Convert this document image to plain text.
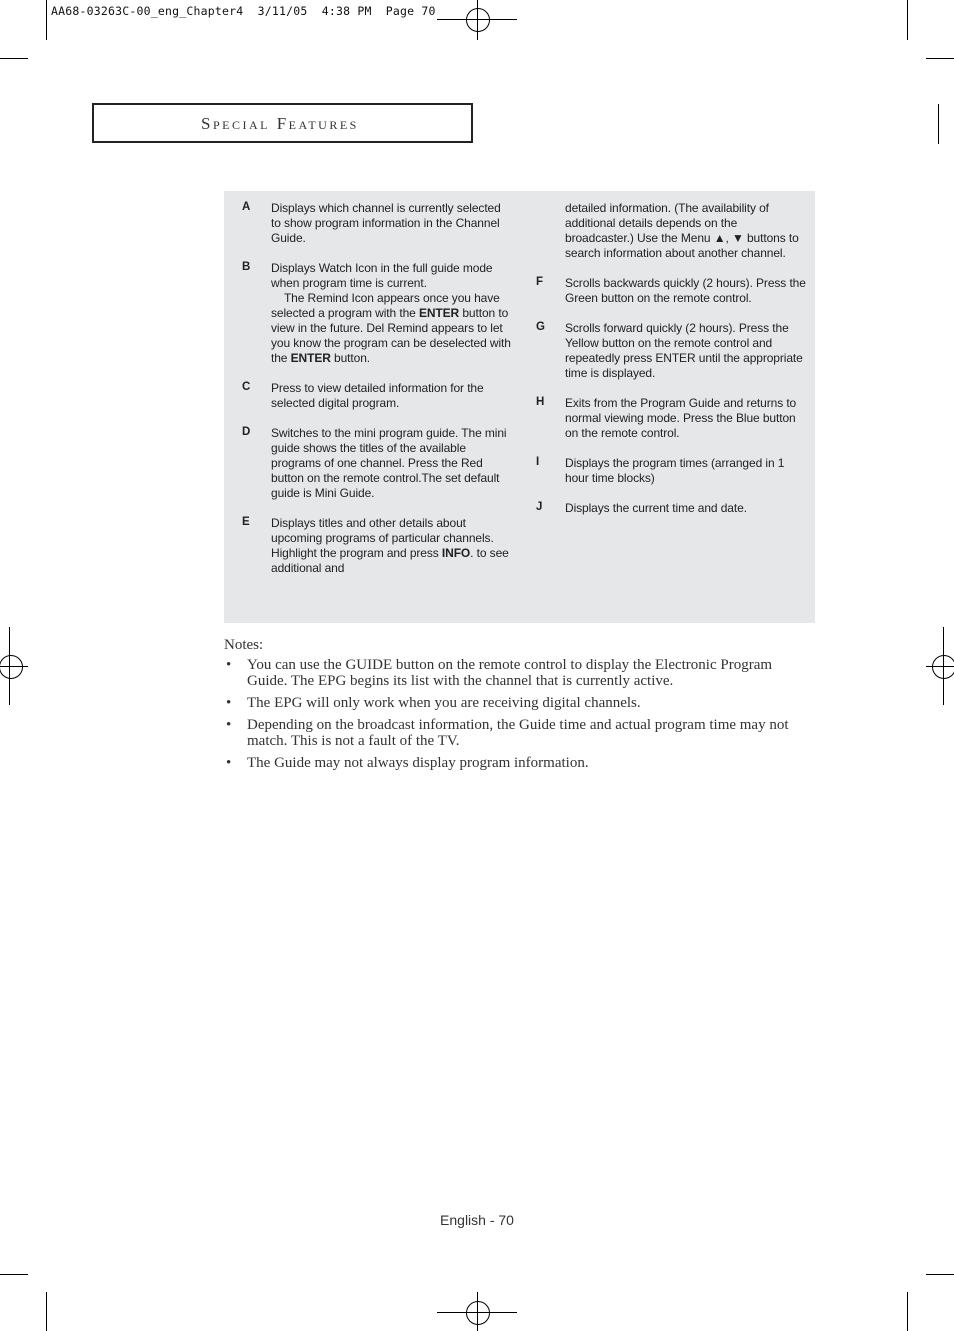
AA68-03263C-00_eng_Chapter4  3/11/05  4:38 PM  Page 70
Special Features
A Displays which channel is currently selected to show program information in the Channel Guide.
B Displays Watch Icon in the full guide mode when program time is current.
The Remind Icon appears once you have selected a program with the ENTER button to view in the future. Del Remind appears to let you know the program can be deselected with the ENTER button.
C Press to view detailed information for the selected digital program.
D Switches to the mini program guide. The mini guide shows the titles of the available programs of one channel. Press the Red button on the remote control.The set default guide is Mini Guide.
E Displays titles and other details about upcoming programs of particular channels. Highlight the program and press INFO. to see additional and
detailed information. (The availability of additional details depends on the broadcaster.) Use the Menu ▲, ▼ buttons to search information about another channel.
F Scrolls backwards quickly (2 hours). Press the Green button on the remote control.
G Scrolls forward quickly (2 hours). Press the Yellow button on the remote control and repeatedly press ENTER until the appropriate time is displayed.
H Exits from the Program Guide and returns to normal viewing mode. Press the Blue button on the remote control.
I Displays the program times (arranged in 1 hour time blocks)
J Displays the current time and date.
Notes:
• You can use the GUIDE button on the remote control to display the Electronic Program Guide. The EPG begins its list with the channel that is currently active.
• The EPG will only work when you are receiving digital channels.
• Depending on the broadcast information, the Guide time and actual program time may not match. This is not a fault of the TV.
• The Guide may not always display program information.
English - 70
